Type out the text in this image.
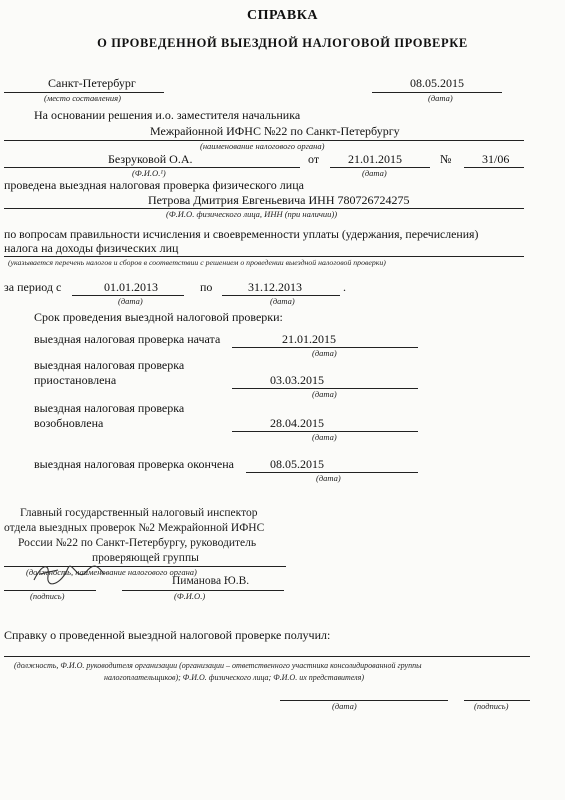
СПРАВКА
О ПРОВЕДЕННОЙ ВЫЕЗДНОЙ НАЛОГОВОЙ ПРОВЕРКЕ
Санкт-Петербург
(место составления)
08.05.2015
(дата)
На основании решения и.о. заместителя начальника
Межрайонной ИФНС №22 по Санкт-Петербургу
(наименование налогового органа)
Безруковой О.А.
(Ф.И.О.¹)
от 21.01.2015
(дата)
№	31/06
проведена выездная налоговая проверка физического лица
Петрова Дмитрия Евгеньевича ИНН 780726724275
(Ф.И.О. физического лица, ИНН (при наличии))
по вопросам правильности исчисления и своевременности уплаты (удержания, перечисления)
налога на доходы физических лиц
(указывается перечень налогов и сборов в соответствии с решением о проведении выездной налоговой проверки)
за период с	01.01.2013
(дата)
по	31.12.2013	.
(дата)
Срок проведения выездной налоговой проверки:
выездная налоговая проверка начата	21.01.2015
(дата)
выездная налоговая проверка
приостановлена	03.03.2015
(дата)
выездная налоговая проверка
возобновлена	28.04.2015
(дата)
выездная налоговая проверка окончена	08.05.2015
(дата)
Главный государственный налоговый инспектор
отдела выездных проверок №2 Межрайонной ИФНС
России №22 по Санкт-Петербургу, руководитель
проверяющей группы
(должность, наименование налогового органа)
(подпись)
Пиманова Ю.В.
(Ф.И.О.)
Справку о проведенной выездной налоговой проверке получил:
(должность, Ф.И.О. руководителя организации (организации – ответственного участника консолидированной группы
налогоплательщиков); Ф.И.О. физического лица; Ф.И.О. их представителя)
(дата)	(подпись)
